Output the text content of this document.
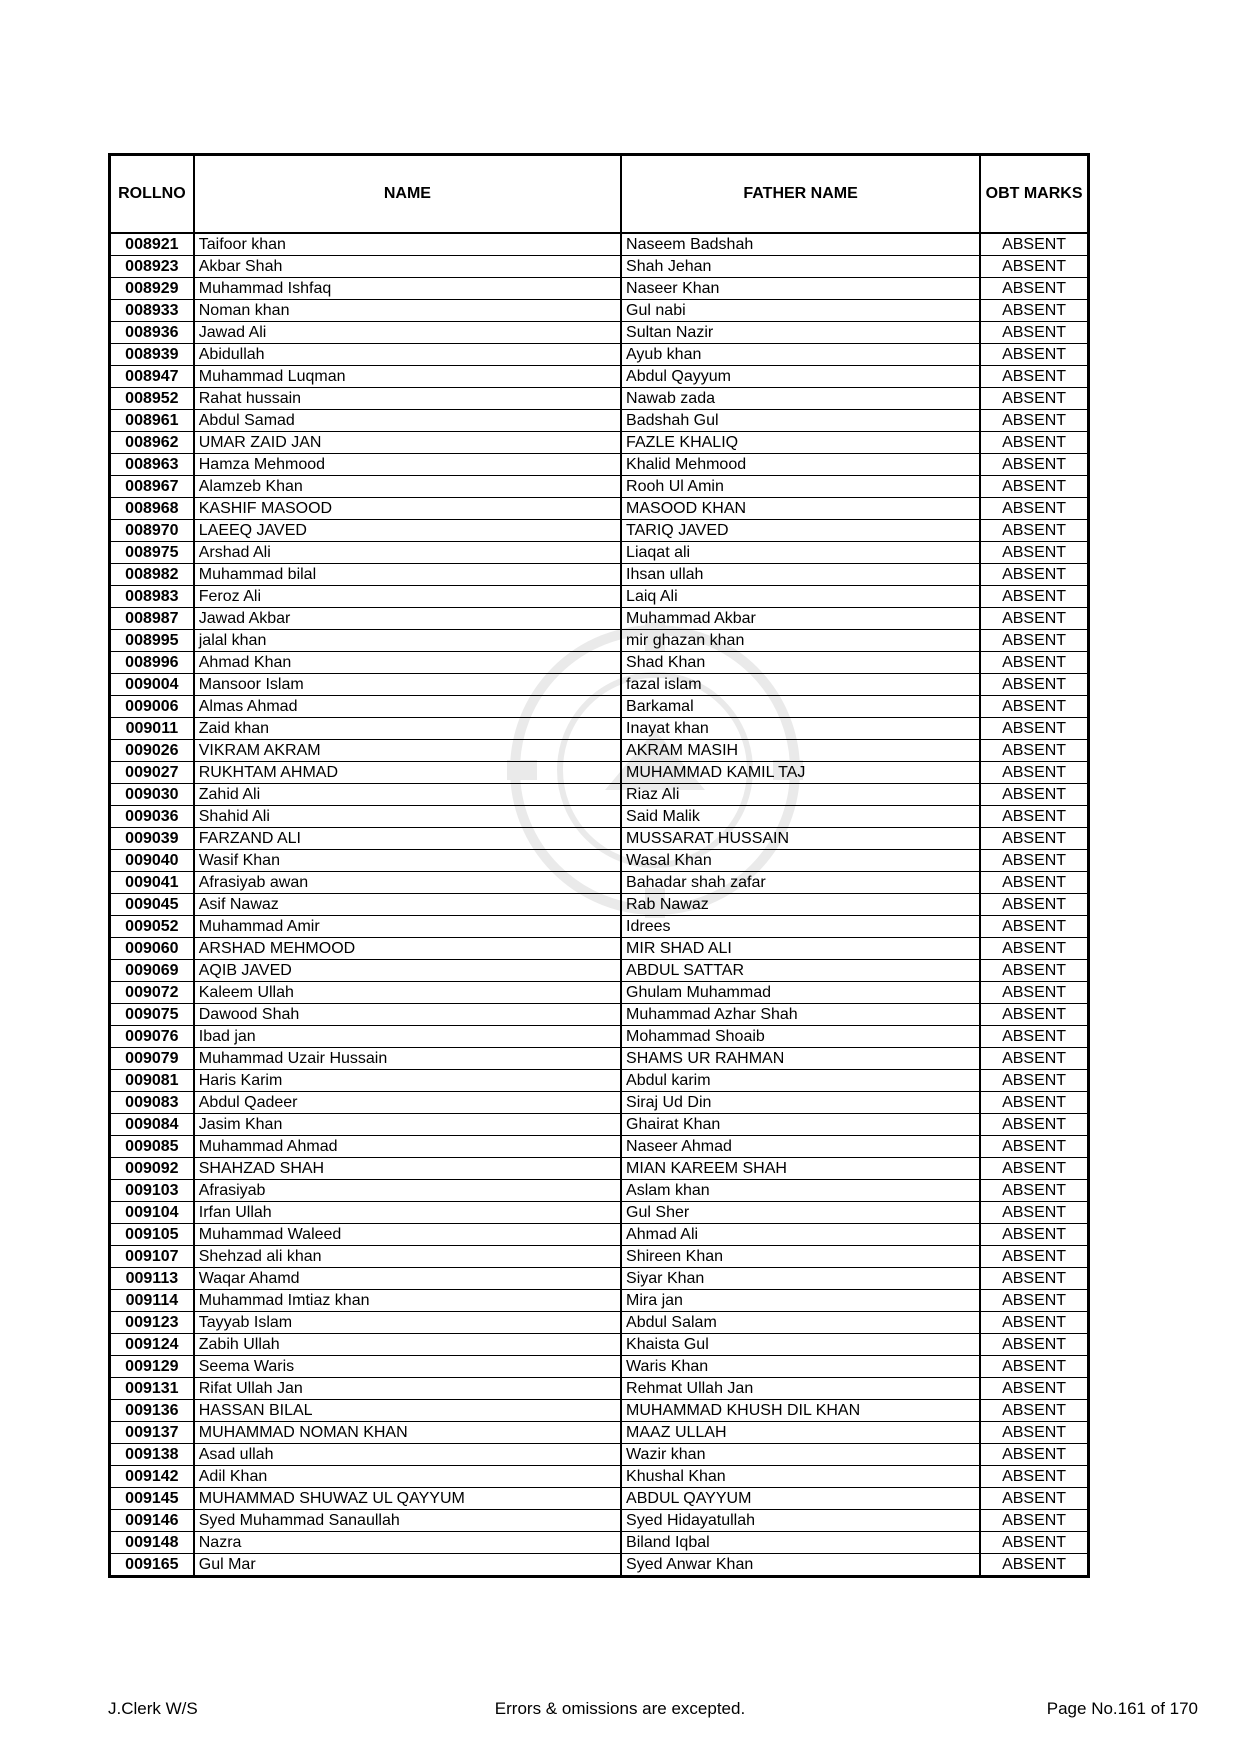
ROLLNO	NAME	FATHER NAME	OBT MARKS
008921	Taifoor khan	Naseem Badshah	ABSENT
008923	Akbar Shah	Shah Jehan	ABSENT
008929	Muhammad Ishfaq	Naseer Khan	ABSENT
008933	Noman khan	Gul nabi	ABSENT
008936	Jawad Ali	Sultan Nazir	ABSENT
008939	Abidullah	Ayub khan	ABSENT
008947	Muhammad Luqman	Abdul Qayyum	ABSENT
008952	Rahat hussain	Nawab zada	ABSENT
008961	Abdul Samad	Badshah Gul	ABSENT
008962	UMAR ZAID JAN	FAZLE KHALIQ	ABSENT
008963	Hamza Mehmood	Khalid Mehmood	ABSENT
008967	Alamzeb Khan	Rooh Ul Amin	ABSENT
008968	KASHIF MASOOD	MASOOD KHAN	ABSENT
008970	LAEEQ JAVED	TARIQ JAVED	ABSENT
008975	Arshad Ali	Liaqat ali	ABSENT
008982	Muhammad bilal	Ihsan ullah	ABSENT
008983	Feroz Ali	Laiq Ali	ABSENT
008987	Jawad Akbar	Muhammad Akbar	ABSENT
008995	jalal khan	mir ghazan khan	ABSENT
008996	Ahmad Khan	Shad Khan	ABSENT
009004	Mansoor Islam	fazal islam	ABSENT
009006	Almas Ahmad	Barkamal	ABSENT
009011	Zaid khan	Inayat khan	ABSENT
009026	VIKRAM AKRAM	AKRAM MASIH	ABSENT
009027	RUKHTAM AHMAD	MUHAMMAD KAMIL TAJ	ABSENT
009030	Zahid Ali	Riaz Ali	ABSENT
009036	Shahid Ali	Said Malik	ABSENT
009039	FARZAND ALI	MUSSARAT HUSSAIN	ABSENT
009040	Wasif Khan	Wasal Khan	ABSENT
009041	Afrasiyab awan	Bahadar shah zafar	ABSENT
009045	Asif Nawaz	Rab Nawaz	ABSENT
009052	Muhammad Amir	Idrees	ABSENT
009060	ARSHAD MEHMOOD	MIR SHAD ALI	ABSENT
009069	AQIB JAVED	ABDUL SATTAR	ABSENT
009072	Kaleem Ullah	Ghulam Muhammad	ABSENT
009075	Dawood Shah	Muhammad Azhar Shah	ABSENT
009076	Ibad jan	Mohammad Shoaib	ABSENT
009079	Muhammad Uzair Hussain	SHAMS UR RAHMAN	ABSENT
009081	Haris Karim	Abdul karim	ABSENT
009083	Abdul Qadeer	Siraj Ud Din	ABSENT
009084	Jasim Khan	Ghairat Khan	ABSENT
009085	Muhammad Ahmad	Naseer Ahmad	ABSENT
009092	SHAHZAD SHAH	MIAN KAREEM SHAH	ABSENT
009103	Afrasiyab	Aslam khan	ABSENT
009104	Irfan Ullah	Gul Sher	ABSENT
009105	Muhammad Waleed	Ahmad Ali	ABSENT
009107	Shehzad ali khan	Shireen Khan	ABSENT
009113	Waqar Ahamd	Siyar Khan	ABSENT
009114	Muhammad Imtiaz khan	Mira jan	ABSENT
009123	Tayyab Islam	Abdul Salam	ABSENT
009124	Zabih Ullah	Khaista Gul	ABSENT
009129	Seema Waris	Waris Khan	ABSENT
009131	Rifat Ullah Jan	Rehmat Ullah Jan	ABSENT
009136	HASSAN BILAL	MUHAMMAD KHUSH DIL KHAN	ABSENT
009137	MUHAMMAD NOMAN KHAN	MAAZ ULLAH	ABSENT
009138	Asad ullah	Wazir khan	ABSENT
009142	Adil Khan	Khushal Khan	ABSENT
009145	MUHAMMAD SHUWAZ UL QAYYUM	ABDUL QAYYUM	ABSENT
009146	Syed Muhammad Sanaullah	Syed Hidayatullah	ABSENT
009148	Nazra	Biland Iqbal	ABSENT
009165	Gul Mar	Syed Anwar Khan	ABSENT
J.Clerk W/S	Errors & omissions are excepted.	Page No.161 of 170
